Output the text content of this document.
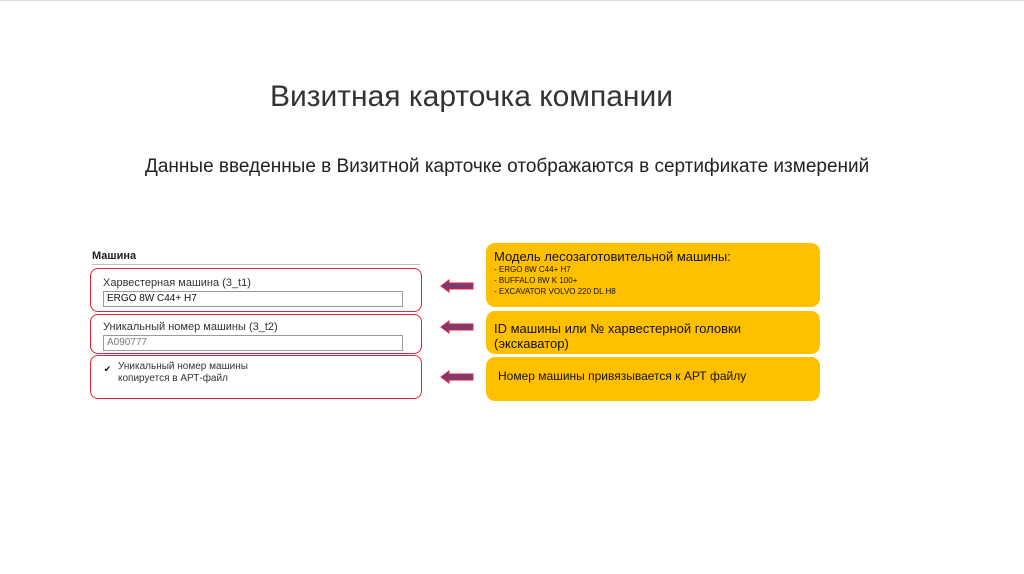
Визитная карточка компании
Данные введенные в Визитной карточке отображаются в сертификате измерений
Машина
Харвестерная машина (3_t1)
ERGO 8W C44+ H7
Уникальный номер машины (3_t2)
A090777
✔ Уникальный номер машины
копируется в АРТ-файл
Модель лесозаготовительной машины:
- ERGO 8W C44+ H7
- BUFFALO 8W K 100+
- EXCAVATOR VOLVO 220 DL H8
ID машины или № харвестерной головки (экскаватор)
Номер машины привязывается к АРТ файлу
